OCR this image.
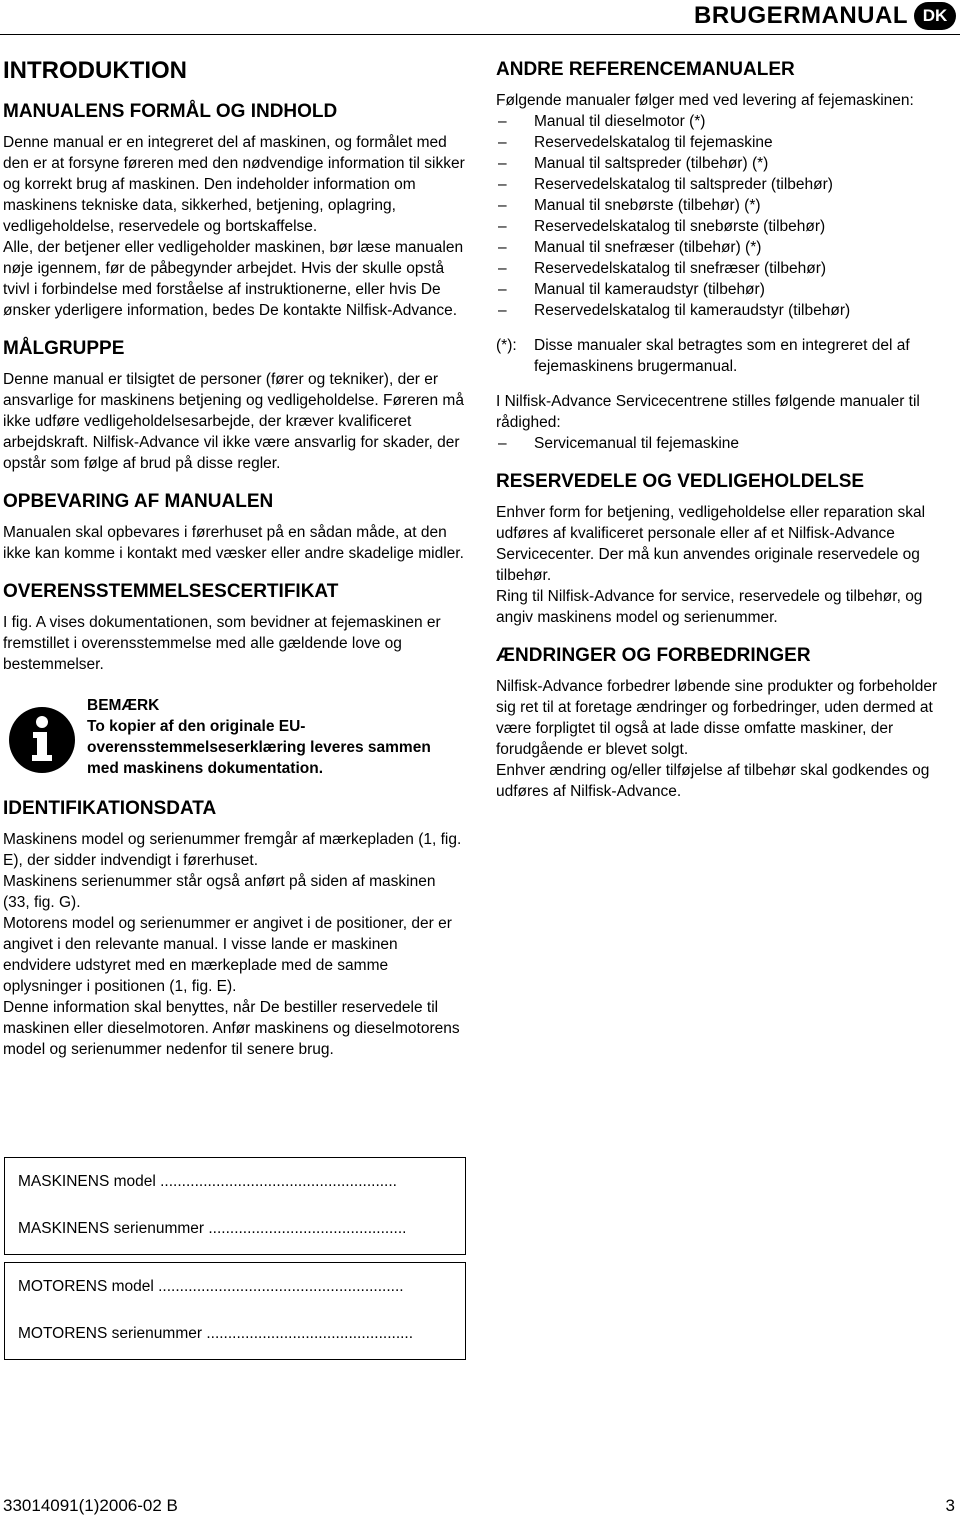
BRUGERMANUAL DK
INTRODUKTION
MANUALENS FORMÅL OG INDHOLD

Denne manual er en integreret del af maskinen, og formålet med den er at forsyne føreren med den nødvendige information til sikker og korrekt brug af maskinen. Den indeholder information om maskinens tekniske data, sikkerhed, betjening, oplagring, vedligeholdelse, reservedele og bortskaffelse.

Alle, der betjener eller vedligeholder maskinen, bør læse manualen nøje igennem, før de påbegynder arbejdet. Hvis der skulle opstå tvivl i forbindelse med forståelse af instruktionerne, eller hvis De ønsker yderligere information, bedes De kontakte Nilfisk-Advance.

MÅLGRUPPE

Denne manual er tilsigtet de personer (fører og tekniker), der er ansvarlige for maskinens betjening og vedligeholdelse. Føreren må ikke udføre vedligeholdelsesarbejde, der kræver kvalificeret arbejdskraft. Nilfisk-Advance vil ikke være ansvarlig for skader, der opstår som følge af brud på disse regler.

OPBEVARING AF MANUALEN

Manualen skal opbevares i førerhuset på en sådan måde, at den ikke kan komme i kontakt med væsker eller andre skadelige midler.

OVERENSSTEMMELSESCERTIFIKAT

I fig. A vises dokumentationen, som bevidner at fejemaskinen er fremstillet i overensstemmelse med alle gældende love og bestemmelser.

BEMÆRK
To kopier af den originale EU-overensstemmelseserklæring leveres sammen med maskinens dokumentation.
IDENTIFIKATIONSDATA

Maskinens model og serienummer fremgår af mærkepladen (1, fig. E), der sidder indvendigt i førerhuset.

Maskinens serienummer står også anført på siden af maskinen (33, fig. G).

Motorens model og serienummer er angivet i de positioner, der er angivet i den relevante manual. I visse lande er maskinen endvidere udstyret med en mærkeplade med de samme oplysninger i positionen (1, fig. E).

Denne information skal benyttes, når De bestiller reservedele til maskinen eller dieselmotoren. Anfør maskinens og dieselmotorens model og serienummer nedenfor til senere brug.

MASKINENS model .......................................................
MASKINENS serienummer ..............................................
MOTORENS model .........................................................
MOTORENS serienummer ................................................
ANDRE REFERENCEMANUALER

Følgende manualer følger med ved levering af fejemaskinen:

– Manual til dieselmotor (*)
– Reservedelskatalog til fejemaskine
– Manual til saltspreder (tilbehør) (*)
– Reservedelskatalog til saltspreder (tilbehør)
– Manual til snebørste (tilbehør) (*)
– Reservedelskatalog til snebørste (tilbehør)
– Manual til snefræser (tilbehør) (*)
– Reservedelskatalog til snefræser (tilbehør)
– Manual til kameraudstyr (tilbehør)
– Reservedelskatalog til kameraudstyr (tilbehør)
(*):	Disse manualer skal betragtes som en integreret del af fejemaskinens brugermanual.

I Nilfisk-Advance Servicecentrene stilles følgende manualer til rådighed:

– Servicemanual til fejemaskine
RESERVEDELE OG VEDLIGEHOLDELSE

Enhver form for betjening, vedligeholdelse eller reparation skal udføres af kvalificeret personale eller af et Nilfisk-Advance Servicecenter. Der må kun anvendes originale reservedele og tilbehør.

Ring til Nilfisk-Advance for service, reservedele og tilbehør, og angiv maskinens model og serienummer.

ÆNDRINGER OG FORBEDRINGER

Nilfisk-Advance forbedrer løbende sine produkter og forbeholder sig ret til at foretage ændringer og forbedringer, uden dermed at være forpligtet til også at lade disse omfatte maskiner, der forudgående er blevet solgt.

Enhver ændring og/eller tilføjelse af tilbehør skal godkendes og udføres af Nilfisk-Advance.

33014091(1)2006-02 B	3
